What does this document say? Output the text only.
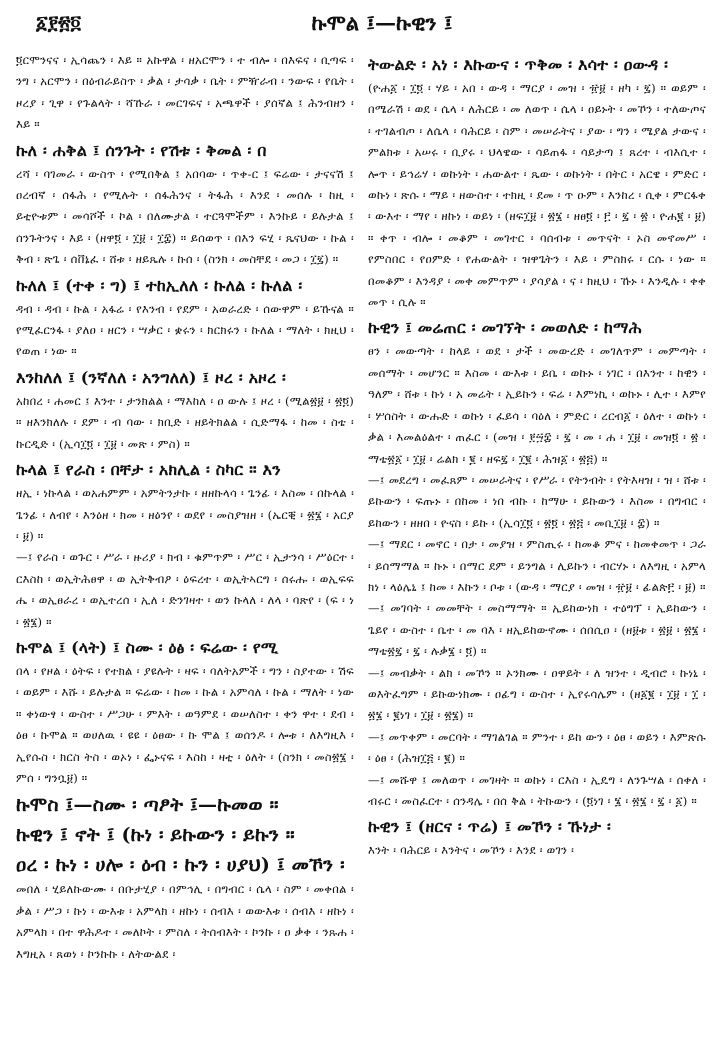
፩፻፳፬	ኩሞል ፤—ኩዊን ፤

፬ርሞንናና ፡ ኢሳጨን ፡ እይ ። አኩዋል ፡ ዘአርሞን ፡ ተ ብሎ ፡ በእፍና ፡ ቢጣፍ ፡ ንግ ፡ አርሞን ፡ በዕብራይስጥ ፡ ቃል ፡ ታሳቃ ፡ ቤት ፡ ምዥራብ ፡ ንውፍ ፡ የቤት ፡ ዞረያ ፡ ጊዋ ፡ የጉልላት ፡ ሻኹራ ፡ መርገፍና ፡ አጫዋች ፡ ያሰኛል ፤ ሕንብዘን ፡ እይ ።

ኩለ ፡ ሐቅል ፤ ሰንጉት ፡ የሽቱ ፡ ቅመል ፡ በ

ረሻ ፡ ባገመራ ፡ ውስጥ ፡ የሚበቅል ፤ አበባው ፡ ጥቀ-ር ፤ ፍሬው ፡ ታናናሽ ፤ ዐረብኛ ፡ ሰፋሕ ፡ የሚሉት ፡ ሰፋሕንና ፡ ትፋሕ ፡ እንደ ፡ መሰሉ ፡ ከዚ ፡ ይቲዮቱም ፡ መሳሾች ፡ ኮል ፡ በለሙታል ፡ ተርጓሞችም ፡ እንኩይ ፡ ይሉታል ፤ ሰንጉትንና ፡ እይ ፡ (ዘዋ፬ ፡ ፲፱ ፡ ፲፰) ። ይሰወጥ ፡ በእን ፍሂ ፡ ጼናህው ፡ ኩል ፡ ቅብ ፡ ጽጌ ፡ ሰቨኔፈ ፡ ሸቱ ፡ ዘይጼሉ ፡ ኩሰ ፡ (ስንክ ፡ መስቸደ ፡ መጋ ፡ ፲፯) ።

ኩለለ ፤ (ተቀ ፡ ግ) ፤ ተከኢለለ ፡ ኩለል ፡ ኩለል ፡

ዳብ ፡ ዳብ ፡ ኩል ፡ አፋሬ ፡ የእንብ ፡ የደም ፡ አወራረድ ፡ ሰውዋም ፡ ይኹናል ። የሚፈርንፋ ፡ ያለዐ ፡ ዘርን ፡ ሣቃር ፡ ቋሩን ፡ ክርክሩን ፡ ኩለል ፡ ማለት ፡ ክዚህ ፡ የወጠ ፡ ነው ።

እንከለለ ፤ (ንኛለለ ፡ አንግለለ) ፤ ዞረ ፡ አዞረ ፡

አከበረ ፡ ሐመር ፤ እንተ ፡ ታንክልል ፡ ማእከለ ፡ ዐ ውሉ ፤ ዞረ ፡ (ሚል፳፱ ፡ ፳፬) ። ዘእንክለሉ ፡ ደም ፡ ብ ባው ፡ ክቢድ ፡ ዘይትክልል ፡ ሲድማፋ ፡ ከመ ፡ ስቴ ፡ ኩርዲድ ፡ (ኢሳ፲፬ ፡ ፲፱ ፡ መጽ ፡ ምስ) ።

ኩላል ፤ የራስ ፡ በቸታ ፡ አክሊል ፡ ስካር ። እን

ዘኢ ፡ ነኩላል ፡ ወአሐምም ፡ አምትንታኩ ፡ ዘዘኩላሳ ፡ ጌንፊ ፡ እስመ ፡ በኩላል ፡ ጌንፊ ፡ ለብየ ፡ እንዕዘ ፡ ክመ ፡ ዘዕንየ ፡ ወደየ ፡ መስያዝዘ ፡ (ኤርቒ ፡ ፳፮ ፡ አርያ ፡ ፱) ።

—፤ የራስ ፡ ወጉር ፡ ሥራ ፡ ዙሪያ ፡ ክብ ፡ ቁምጥም ፡ ሥር ፡ ኢታንሳ ፡ ሥዕርተ ፡ ርእስከ ፡ ወኢትሕፀዋ ፡ ወ ኢትቅብዖ ፡ ዕፍረተ ፡ ወኢትኣርግ ፡ ሰሩሑ ፡ ወኢፍፍ ሔ ፡ ወኢፀራረ ፡ ወኢተረሰ ፡ ኢለ ፡ ድንገዛተ ፡ ወን ኩላለ ፡ ለላ ፡ ባጽየ ፡ (ፍ ፡ ነ ፡ ፳፮) ።

ኩሞል ፤ (ላት) ፤ ስሙ ፡ ዕፅ ፡ ፍሬው ፡ የሚ

በላ ፡ የዞል ፡ ዕትፍ ፡ የተክል ፡ ያዩሉት ፡ ዛፍ ፡ ባለትአምች ፡ ግን ፡ ስያተው ፡ ሽፍ ፡ ወይም ፡ እሹ ፡ ይሉታል ። ፍሬው ፡ ከመ ፡ ኩል ፡ አምሳለ ፡ ኩል ፡ ማለት ፡ ነው ። ቀነውፃ ፡ ውስተ ፡ ሥጋሁ ፡ ምእት ፡ ወዓምደ ፡ ወሠለስተ ፡ ቀን ዋተ ፡ ደብ ፡ ዕፀ ፡ ኩሞል ። ወሀለዉ ፡ ዩዩ ፡ ዕፀው ፡ ኩ ሞል ፤ ወሰንዶ ፡ ሎቱ ፡ ለእግዚእ ፡ ኢየሱስ ፡ ክርስ ትስ ፡ ወኦነ ፡ ፌኑናፍ ፡ እስከ ፡ ዛቲ ፡ ዕለት ፡ (ስንክ ፡ መስ፳፮ ፡ ምሰ ፡ ግንቧ፱) ።

ኩሞስ ፤—ስሙ ፡ ጣፆት ፤—ኩመወ ።

ኩዊን ፤ ኖት ፤ (ኩነ ፡ ይኩውን ፡ ይኩን ።

ዐረ ፡ ኩነ ፡ ሀሎ ፡ ዕብ ፡ ኩን ፡ ሀያህ) ፤ መኾን ፡

መበለ ፡ ሂይለኩውሙ ፡ በቡታሂያ ፡ በምኅሊ ፡ በግብር ፡ ሴላ ፡ ስም ፡ መቀበል ፡ ቃል ፡ ሥጋ ፡ ኩነ ፡ ውእቱ ፡ አምላክ ፡ ዘኩነ ፡ ሰብእ ፡ ወውእቱ ፡ ሰብእ ፡ ዘኩነ ፡ አምላክ ፡ በተ ዋሕዶተ ፡ መለኮት ፡ ምስለ ፡ ትሰብእት ፡ ኮንኩ ፡ ዐ ቃቀ ፡ ንጹሐ ፡ እግዚአ ፡ ጸወነ ፡ ኮንኩኩ ፡ ለትውልደ ፡

ትውልድ ፡ አነ ፡ እኩውና ፡ ጥቅመ ፡ እሳተ ፡ ዐውዳ ፡

(ዮሐ፩ ፡ ፲፬ ፡ ሃይ ፡ አበ ፡ ውዳ ፡ ማርያ ፡ መዝ ፡ ፹፱ ፡ ዘካ ፡ ፯) ። ወይም ፡ በሜራሽ ፡ ወደ ፡ ሴላ ፡ ለሕርይ ፡ መ ለወጥ ፡ ሴላ ፡ ዐይኑት ፡ መኾን ፡ ተለውጦና ፡ ተገልብጦ ፡ ለሴላ ፡ ባሕርይ ፡ ስም ፡ መሠራትና ፡ ያው ፡ ግን ፡ ሜያል ታውና ፡ ምልክቱ ፡ አሠሩ ፡ ቢያሩ ፡ ህላዌው ፡ ሳይጠፋ ፡ ሳይታጣ ፤ ጸረተ ፡ ብእሲተ ፡ ሎጥ ፡ ይኅሬሃ ፡ ወኩነት ፡ ሐውልተ ፡ ጼው ፡ ወኩነት ፡ በትር ፡ አርዌ ፡ ምድር ፡ ወኩነ ፡ ጽሱ ፡ ማይ ፡ ዘውስተ ፡ ተክዚ ፡ ደመ ፡ ጥ ዑም ፡ እንከረ ፡ ሲቀ ፡ ምርፋቀ ፡ ውእተ ፡ ማየ ፡ ዘኩነ ፡ ወይነ ፡ (ዘፍ፲፱ ፡ ፳፮ ፡ ዘፀ፬ ፡ ፫ ፡ ፯ ፡ ፳ ፡ ዮሐ፪ ፡ ፱) ። ቀጥ ፡ ብሎ ፡ መቆም ፡ መገተር ፡ ባሰብቱ ፡ መጥናት ፡ ኦስ መኖመሥ ፡ የምስበር ፡ የዐምድ ፡ የሐውልት ፡ ዝዋጌትን ፡ እይ ፡ ምስክሩ ፡ ርሱ ፡ ነው ። በመቆም ፡ እንዳያ ፡ መቀ መምጥም ፡ ያሳያል ፡ ና ፡ ክዚህ ፡ ኹኑ ፡ እንዲሉ ፡ ቀቀ መጥ ፡ ሲሉ ።

ኩዊን ፤ መሬጠር ፡ መገኘት ፡ መወለድ ፡ ከማሕ

ፀን ፡ መውጣት ፡ ከላይ ፡ ወደ ፡ ታች ፡ መውረድ ፡ መገለጥም ፡ መምጣት ፡ መሰማት ፡ መሆንር ። እስመ ፡ ውእቱ ፡ ይቤ ፡ ወኩኑ ፡ ነገር ፡ በእንተ ፡ ከዊን ፡ ዓለም ፡ ሸቱ ፡ ኩነ ፡ አ መሬት ፡ ኢይኩን ፡ ፍሬ ፡ እምነኪ ፡ ወኩኑ ፡ ሊተ ፡ እምየ ፡ ሦሰስት ፡ ውሑድ ፡ ወኩነ ፡ ፈይሳ ፡ ባዕለ ፡ ምድር ፡ ረርብ፩ ፡ ዕለተ ፡ ወኩነ ፡ ቃል ፡ እመልዕልተ ፡ ጠፈር ፡ (መዝ ፡ ፻፵፰ ፡ ፯ ፡ መ ፡ ሐ ፡ ፲፱ ፡ መዝ፬ ፡ ፳ ፡ ማቴ፳፩ ፡ ፲፱ ፡ ሬልክ ፡ ፪ ፡ ዘፍ፯ ፡ ፲፪ ፡ ሕዝ፩ ፡ ፳፭) ።

—፤ መደረግ ፡ መፈጸም ፡ መሠራትና ፡ የሥራ ፡ የትንብት ፡ የትእዛዝ ፡ ዝ ፡ ሸቱ ፡ ይኩውን ፡ ፍጡኑ ፡ በከመ ፡ ነበ ብኩ ፡ ከማሁ ፡ ይኩውን ፡ እስመ ፡ በግብር ፡ ይከውን ፡ ዘዘበ ፡ ዮናስ ፡ ይኩ ፡ (ኢሳ፲፬ ፡ ፳፬ ፡ ፳፭ ፡ መቢ፲፱ ፡ ፰) ።

—፤ ማደር ፡ መኖር ፡ በታ ፡ መያዝ ፡ ምስጢሩ ፡ ከመቆ ምና ፡ ከመቀመጥ ፡ ጋራ ፡ ይሰማማል ። ኩኑ ፡ በማር ደም ፡ ይንግል ፡ ሊይኩን ፡ ብርሃኑ ፡ ለእግዚ ፡ አምላ ክነ ፡ ላዕሌኒ ፤ ከመ ፡ እኩን ፡ ቦቱ ፡ (ውዳ ፡ ማርያ ፡ መዝ ፡ ፹፱ ፡ ፊልጵ፫ ፡ ፱) ።

—፤ መገባት ፡ መመቸት ፡ መስማማት ። ኢይከውነክ ፡ ተዕግፕ ፡ ኢይከውን ፡ ጌይየ ፡ ውስተ ፡ ቤተ ፡ መ ባእ ፡ ዘኢይከውኖሙ ፡ ሰበሲዐ ፡ (ዘ፱ቱ ፡ ፳፱ ፡ ፳፮ ፡ ማቴ፳፯ ፡ ፯ ፡ ሉቃ፮ ፡ ፬) ።

—፤ መብቃት ፡ ልክ ፡ መኾን ። ኦንክሙ ፡ ዐዋይት ፡ ለ ዝንተ ፡ ዲብሮ ፡ ኩነኒ ፡ ወእትፈግም ፡ ይኩውነክሙ ፡ ዐፊግ ፡ ውስተ ፡ ኢየሩሳሌም ፡ (ዘ፩፪ ፡ ፲፱ ፡ ፲ ፡ ፳፮ ፡ ፪ነገ ፡ ፲፱ ፡ ፳፮) ።

—፤ መጥቀም ፡ መርባት ፡ ማገልገል ። ምንተ ፡ ይከ ውን ፡ ዕፀ ፡ ወይን ፡ እምጽሱ ፡ ዕፀ ፡ (ሕዝ፲፭ ፡ ፪) ።

—፤ መሹዋ ፤ መለወጥ ፡ መገዛት ። ወኩነ ፡ ርእስ ፡ ኢዴግ ፡ ለንጉሣል ፡ ሰቀለ ፡ ብሩር ፡ መስፈርተ ፡ ሰንዳሌ ፡ በሰ ቅል ፡ ትኩውን ፡ (፬ነገ ፡ ፮ ፡ ፳፮ ፡ ፯ ፡ ፩) ።

ኩዊን ፤ (ዘርና ፡ ጥሬ) ፤ መኾን ፡ ኹነታ ፡

እንት ፡ ባሕርይ ፡ እንትና ፡ መኾን ፡ እንደ ፡ ወገን ፡
